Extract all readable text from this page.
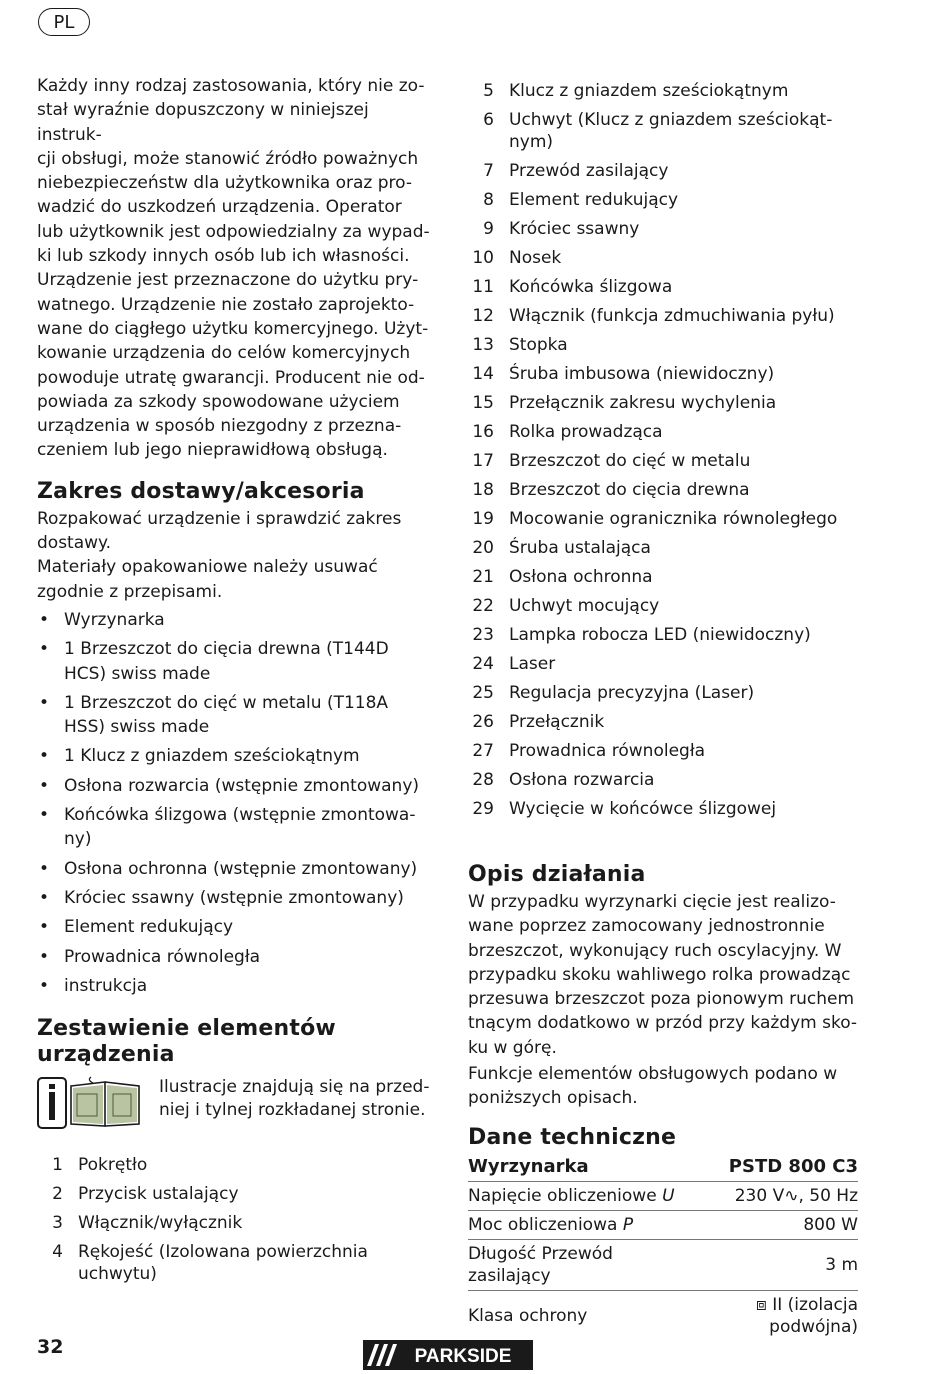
PL

Każdy inny rodzaj zastosowania, który nie zo-

stał wyraźnie dopuszczony w niniejszej instruk-

cji obsługi, może stanowić źródło poważnych

niebezpieczeństw dla użytkownika oraz pro-

wadzić do uszkodzeń urządzenia. Operator

lub użytkownik jest odpowiedzialny za wypad-

ki lub szkody innych osób lub ich własności.

Urządzenie jest przeznaczone do użytku pry-

watnego. Urządzenie nie zostało zaprojekto-

wane do ciągłego użytku komercyjnego. Użyt-

kowanie urządzenia do celów komercyjnych

powoduje utratę gwarancji. Producent nie od-

powiada za szkody spowodowane użyciem

urządzenia w sposób niezgodny z przezna-

czeniem lub jego nieprawidłową obsługą.

Zakres dostawy/akcesoria

Rozpakować urządzenie i sprawdzić zakres

dostawy.

Materiały opakowaniowe należy usuwać

zgodnie z przepisami.

• Wyrzynarka
• 1 Brzeszczot do cięcia drewna (T144D
HCS) swiss made
• 1 Brzeszczot do cięć w metalu (T118A
HSS) swiss made
• 1 Klucz z gniazdem sześciokątnym
• Osłona rozwarcia (wstępnie zmontowany)
• Końcówka ślizgowa (wstępnie zmontowa-
ny)
• Osłona ochronna (wstępnie zmontowany)
• Króciec ssawny (wstępnie zmontowany)
• Element redukujący
• Prowadnica równoległa
• instrukcja
Zestawienie elementów
urządzenia
Ilustracje znajdują się na przed-
niej i tylnej rozkładanej stronie.
1 Pokrętło
2 Przycisk ustalający
3 Włącznik/wyłącznik
4 Rękojeść (Izolowana powierzchnia
uchwytu)
5 Klucz z gniazdem sześciokątnym
6 Uchwyt (Klucz z gniazdem sześciokąt-
nym)
7 Przewód zasilający
8 Element redukujący
9 Króciec ssawny
10 Nosek
11 Końcówka ślizgowa
12 Włącznik (funkcja zdmuchiwania pyłu)
13 Stopka
14 Śruba imbusowa (niewidoczny)
15 Przełącznik zakresu wychylenia
16 Rolka prowadząca
17 Brzeszczot do cięć w metalu
18 Brzeszczot do cięcia drewna
19 Mocowanie ogranicznika równoległego
20 Śruba ustalająca
21 Osłona ochronna
22 Uchwyt mocujący
23 Lampka robocza LED (niewidoczny)
24 Laser
25 Regulacja precyzyjna (Laser)
26 Przełącznik
27 Prowadnica równoległa
28 Osłona rozwarcia
29 Wycięcie w końcówce ślizgowej
Opis działania

W przypadku wyrzynarki cięcie jest realizo-

wane poprzez zamocowany jednostronnie

brzeszczot, wykonujący ruch oscylacyjny. W

przypadku skoku wahliwego rolka prowadząc

przesuwa brzeszczot poza pionowym ruchem

tnącym dodatkowo w przód przy każdym sko-

ku w górę.

Funkcje elementów obsługowych podano w

poniższych opisach.

Dane techniczne
Wyrzynarka	PSTD 800 C3
Napięcie obliczeniowe U	230 V∿, 50 Hz
Moc obliczeniowa P	800 W
Długość Przewód zasilający	3 m
Klasa ochrony	⧈ II (izolacja podwójna)
32	PARKSIDE
